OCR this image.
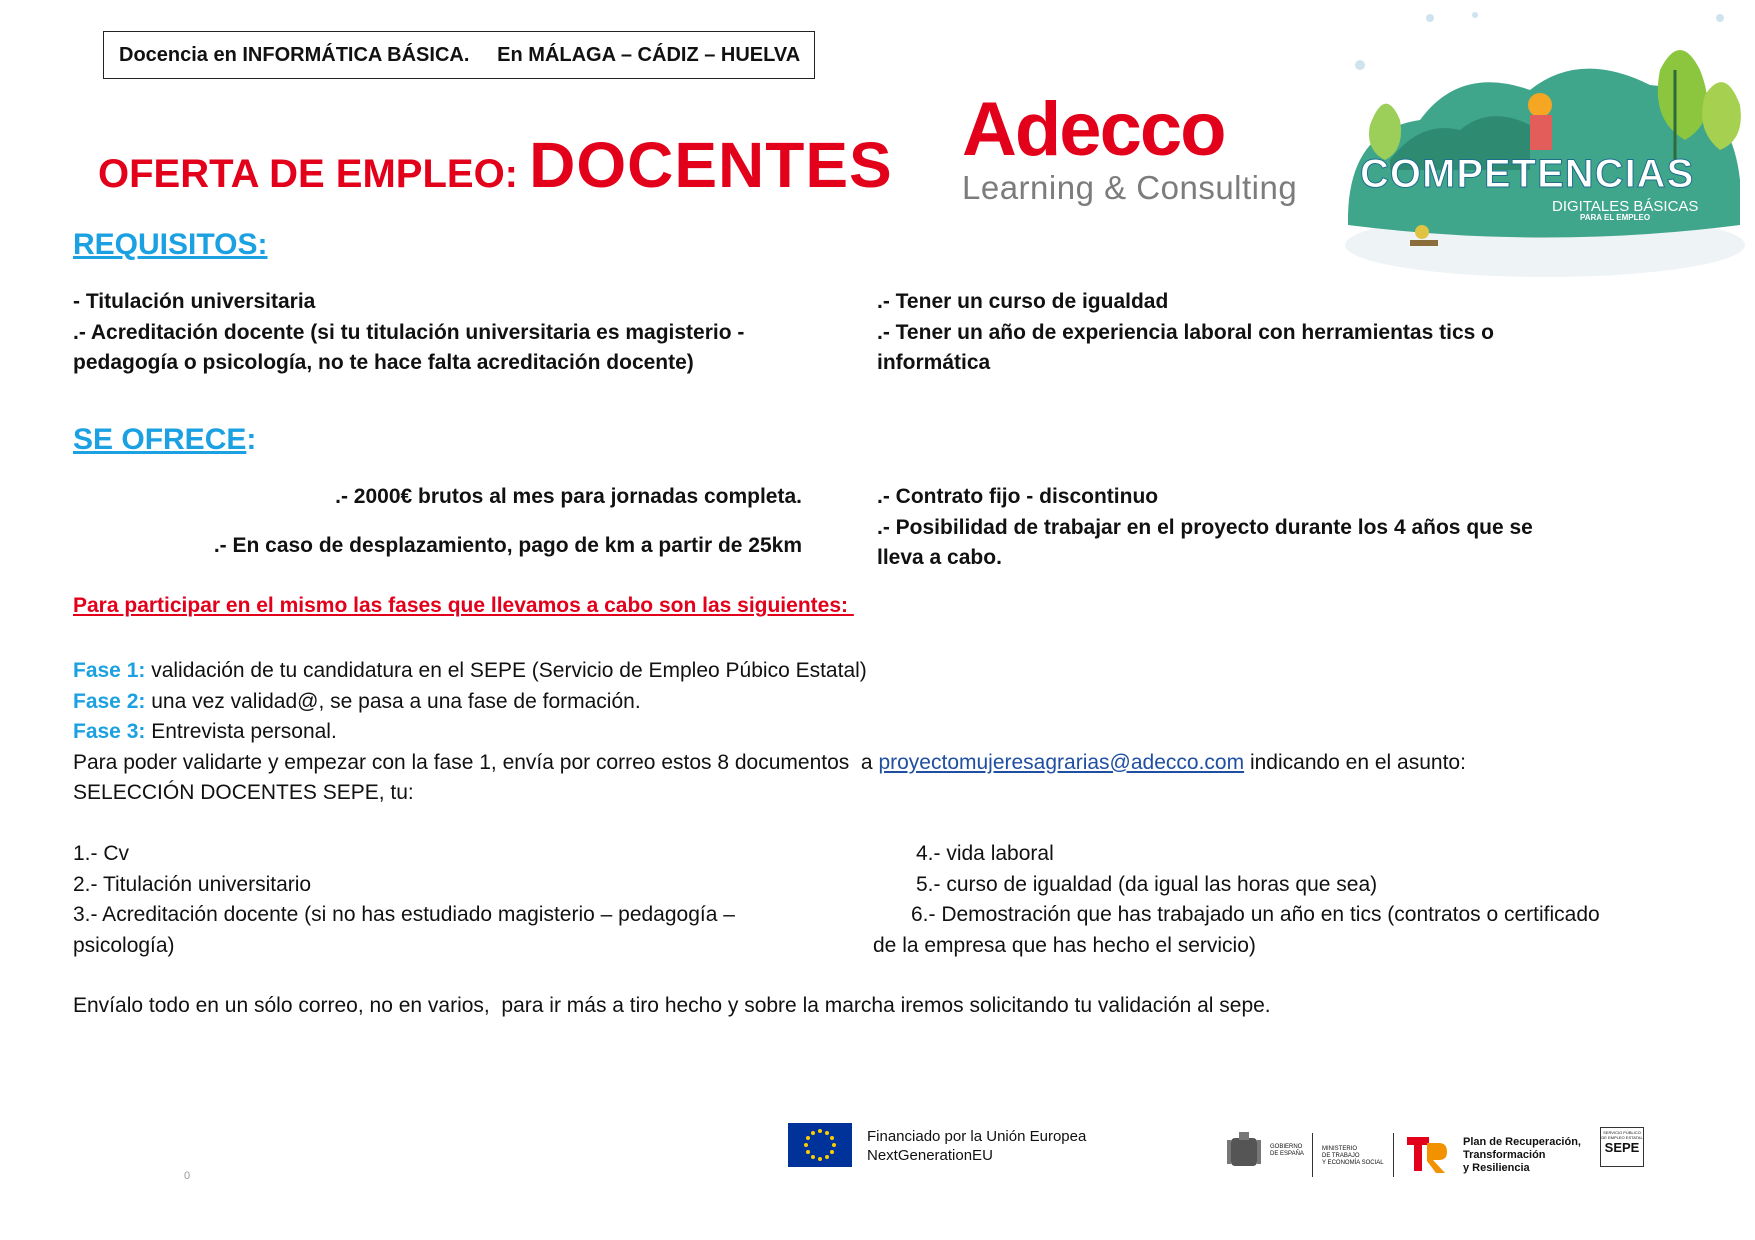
Docencia en INFORMÁTICA BÁSICA.     En MÁLAGA – CÁDIZ – HUELVA
OFERTA DE EMPLEO: DOCENTES Adecco
Learning & Consulting COMPETENCIAS
DIGITALES BÁSICAS
PARA EL EMPLEO
REQUISITOS:
- Titulación universitaria
.- Acreditación docente (si tu titulación universitaria es magisterio -
pedagogía o psicología, no te hace falta acreditación docente)
.- Tener un curso de igualdad
.- Tener un año de experiencia laboral con herramientas tics o
informática
SE OFRECE:
.- 2000€ brutos al mes para jornadas completa.
.- En caso de desplazamiento, pago de km a partir de 25km
.- Contrato fijo - discontinuo
.- Posibilidad de trabajar en el proyecto durante los 4 años que se
lleva a cabo.
Para participar en el mismo las fases que llevamos a cabo son las siguientes:
Fase 1: validación de tu candidatura en el SEPE (Servicio de Empleo Púbico Estatal)
Fase 2: una vez validad@, se pasa a una fase de formación.
Fase 3: Entrevista personal.
Para poder validarte y empezar con la fase 1, envía por correo estos 8 documentos  a proyectomujeresagrarias@adecco.com indicando en el asunto:
SELECCIÓN DOCENTES SEPE, tu:
1.- Cv
2.- Titulación universitario
3.- Acreditación docente (si no has estudiado magisterio – pedagogía –
psicología)
4.- vida laboral
5.- curso de igualdad (da igual las horas que sea)
6.- Demostración que has trabajado un año en tics (contratos o certificado
de la empresa que has hecho el servicio)
Envíalo todo en un sólo correo, no en varios,  para ir más a tiro hecho y sobre la marcha iremos solicitando tu validación al sepe.
Financiado por la Unión Europea
NextGenerationEU	GOBIERNO
DE ESPAÑA
MINISTERIO
DE TRABAJO
Y ECONOMÍA SOCIAL
Plan de Recuperación,
Transformación
y Resiliencia
SERVICIO PÚBLICO DE EMPLEO ESTATAL
SEPE
0
